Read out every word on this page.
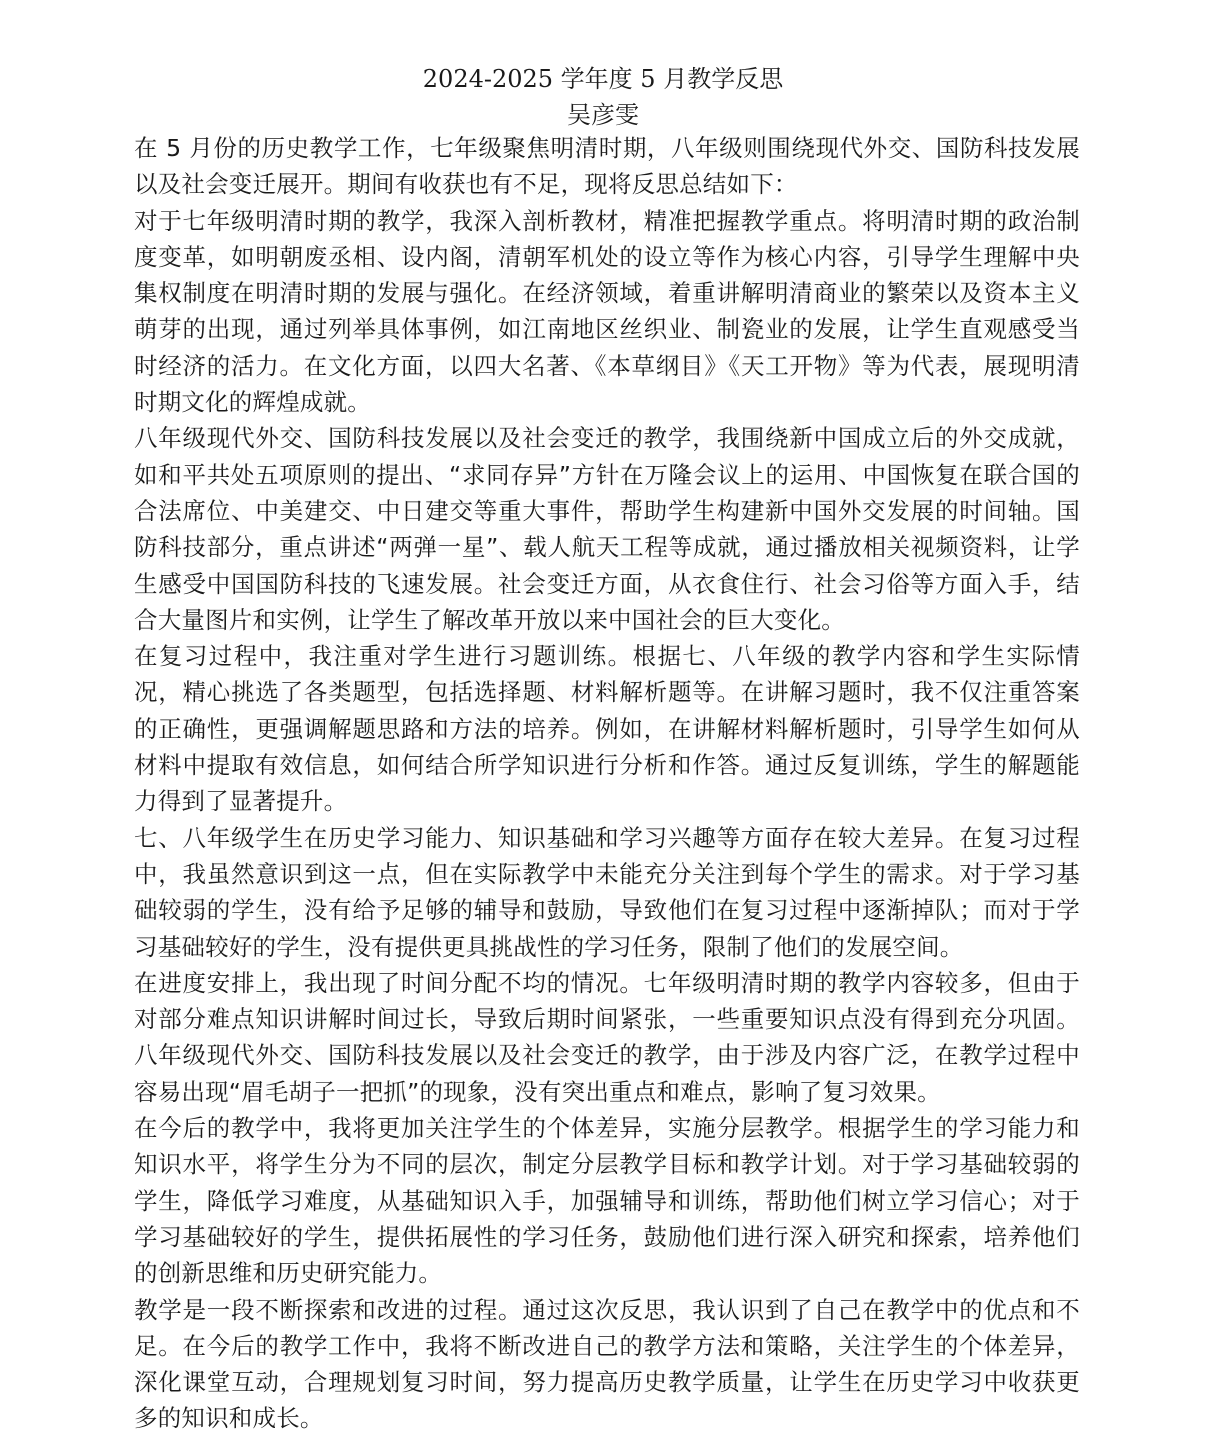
2024-2025 学年度 5 月教学反思
吴彦雯

在 5 月份的历史教学工作，七年级聚焦明清时期，八年级则围绕现代外交、国防科技发展以及社会变迁展开。期间有收获也有不足，现将反思总结如下：

对于七年级明清时期的教学，我深入剖析教材，精准把握教学重点。将明清时期的政治制度变革，如明朝废丞相、设内阁，清朝军机处的设立等作为核心内容，引导学生理解中央集权制度在明清时期的发展与强化。在经济领域，着重讲解明清商业的繁荣以及资本主义萌芽的出现，通过列举具体事例，如江南地区丝织业、制瓷业的发展，让学生直观感受当时经济的活力。在文化方面，以四大名著、《本草纲目》《天工开物》等为代表，展现明清时期文化的辉煌成就。

八年级现代外交、国防科技发展以及社会变迁的教学，我围绕新中国成立后的外交成就，如和平共处五项原则的提出、“求同存异”方针在万隆会议上的运用、中国恢复在联合国的合法席位、中美建交、中日建交等重大事件，帮助学生构建新中国外交发展的时间轴。国防科技部分，重点讲述“两弹一星”、载人航天工程等成就，通过播放相关视频资料，让学生感受中国国防科技的飞速发展。社会变迁方面，从衣食住行、社会习俗等方面入手，结合大量图片和实例，让学生了解改革开放以来中国社会的巨大变化。

在复习过程中，我注重对学生进行习题训练。根据七、八年级的教学内容和学生实际情况，精心挑选了各类题型，包括选择题、材料解析题等。在讲解习题时，我不仅注重答案的正确性，更强调解题思路和方法的培养。例如，在讲解材料解析题时，引导学生如何从材料中提取有效信息，如何结合所学知识进行分析和作答。通过反复训练，学生的解题能力得到了显著提升。

七、八年级学生在历史学习能力、知识基础和学习兴趣等方面存在较大差异。在复习过程中，我虽然意识到这一点，但在实际教学中未能充分关注到每个学生的需求。对于学习基础较弱的学生，没有给予足够的辅导和鼓励，导致他们在复习过程中逐渐掉队；而对于学习基础较好的学生，没有提供更具挑战性的学习任务，限制了他们的发展空间。

在进度安排上，我出现了时间分配不均的情况。七年级明清时期的教学内容较多，但由于对部分难点知识讲解时间过长，导致后期时间紧张，一些重要知识点没有得到充分巩固。八年级现代外交、国防科技发展以及社会变迁的教学，由于涉及内容广泛，在教学过程中容易出现“眉毛胡子一把抓”的现象，没有突出重点和难点，影响了复习效果。

在今后的教学中，我将更加关注学生的个体差异，实施分层教学。根据学生的学习能力和知识水平，将学生分为不同的层次，制定分层教学目标和教学计划。对于学习基础较弱的学生，降低学习难度，从基础知识入手，加强辅导和训练，帮助他们树立学习信心；对于学习基础较好的学生，提供拓展性的学习任务，鼓励他们进行深入研究和探索，培养他们的创新思维和历史研究能力。

教学是一段不断探索和改进的过程。通过这次反思，我认识到了自己在教学中的优点和不足。在今后的教学工作中，我将不断改进自己的教学方法和策略，关注学生的个体差异，深化课堂互动，合理规划复习时间，努力提高历史教学质量，让学生在历史学习中收获更多的知识和成长。
